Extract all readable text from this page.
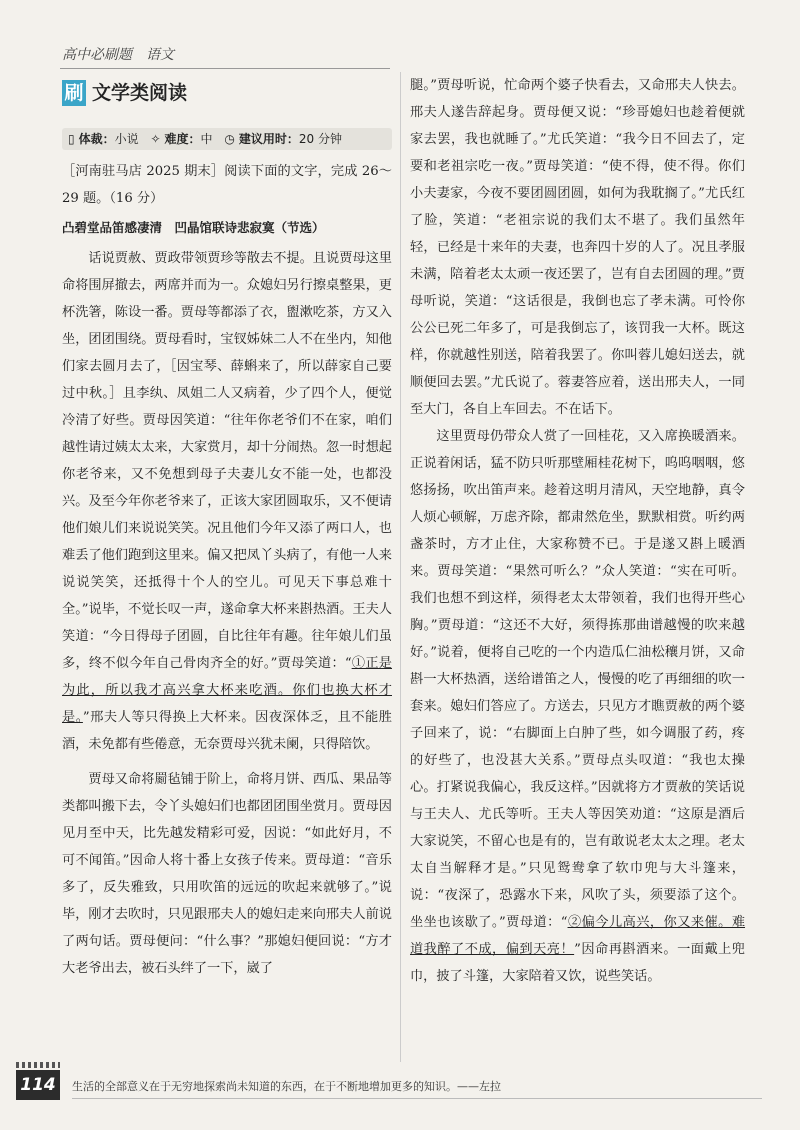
高中必刷题　语文
刷 文学类阅读
▯ 体裁：小说 ✧ 难度：中 ◷ 建议用时：20 分钟

［河南驻马店 2025 期末］阅读下面的文字，完成 26～29 题。（16 分）

凸碧堂品笛感凄清　凹晶馆联诗悲寂寞（节选）

话说贾赦、贾政带领贾珍等散去不提。且说贾母这里命将围屏撤去，两席并而为一。众媳妇另行擦桌整果，更杯洗箸，陈设一番。贾母等都添了衣，盥漱吃茶，方又入坐，团团围绕。贾母看时，宝钗姊妹二人不在坐内，知他们家去圆月去了，［因宝琴、薛蝌来了，所以薛家自己要过中秋。］且李纨、凤姐二人又病着，少了四个人，便觉冷清了好些。贾母因笑道：“往年你老爷们不在家，咱们越性请过姨太太来，大家赏月，却十分闹热。忽一时想起你老爷来，又不免想到母子夫妻儿女不能一处，也都没兴。及至今年你老爷来了，正该大家团圆取乐，又不便请他们娘儿们来说说笑笑。况且他们今年又添了两口人，也难丢了他们跑到这里来。偏又把凤丫头病了，有他一人来说说笑笑，还抵得十个人的空儿。可见天下事总难十全。”说毕，不觉长叹一声，遂命拿大杯来斟热酒。王夫人笑道：“今日得母子团圆，自比往年有趣。往年娘儿们虽多，终不似今年自己骨肉齐全的好。”贾母笑道：“①正是为此，所以我才高兴拿大杯来吃酒。你们也换大杯才是。”邢夫人等只得换上大杯来。因夜深体乏，且不能胜酒，未免都有些倦意，无奈贾母兴犹未阑，只得陪饮。

贾母又命将罽毡铺于阶上，命将月饼、西瓜、果品等类都叫搬下去，令丫头媳妇们也都团团围坐赏月。贾母因见月至中天，比先越发精彩可爱，因说：“如此好月，不可不闻笛。”因命人将十番上女孩子传来。贾母道：“音乐多了，反失雅致，只用吹笛的远远的吹起来就够了。”说毕，刚才去吹时，只见跟邢夫人的媳妇走来向邢夫人前说了两句话。贾母便问：“什么事？”那媳妇便回说：“方才大老爷出去，被石头绊了一下，崴了

腿。”贾母听说，忙命两个婆子快看去，又命邢夫人快去。邢夫人遂告辞起身。贾母便又说：“珍哥媳妇也趁着便就家去罢，我也就睡了。”尤氏笑道：“我今日不回去了，定要和老祖宗吃一夜。”贾母笑道：“使不得，使不得。你们小夫妻家，今夜不要团圆团圆，如何为我耽搁了。”尤氏红了脸，笑道：“老祖宗说的我们太不堪了。我们虽然年轻，已经是十来年的夫妻，也奔四十岁的人了。况且孝服未满，陪着老太太顽一夜还罢了，岂有自去团圆的理。”贾母听说，笑道：“这话很是，我倒也忘了孝未满。可怜你公公已死二年多了，可是我倒忘了，该罚我一大杯。既这样，你就越性别送，陪着我罢了。你叫蓉儿媳妇送去，就顺便回去罢。”尤氏说了。蓉妻答应着，送出邢夫人，一同至大门，各自上车回去。不在话下。

这里贾母仍带众人赏了一回桂花，又入席换暖酒来。正说着闲话，猛不防只听那壁厢桂花树下，呜呜咽咽，悠悠扬扬，吹出笛声来。趁着这明月清风，天空地静，真令人烦心顿解，万虑齐除，都肃然危坐，默默相赏。听约两盏茶时，方才止住，大家称赞不已。于是遂又斟上暖酒来。贾母笑道：“果然可听么？”众人笑道：“实在可听。我们也想不到这样，须得老太太带领着，我们也得开些心胸。”贾母道：“这还不大好，须得拣那曲谱越慢的吹来越好。”说着，便将自己吃的一个内造瓜仁油松穰月饼，又命斟一大杯热酒，送给谱笛之人，慢慢的吃了再细细的吹一套来。媳妇们答应了。方送去，只见方才瞧贾赦的两个婆子回来了，说：“右脚面上白肿了些，如今调服了药，疼的好些了，也没甚大关系。”贾母点头叹道：“我也太操心。打紧说我偏心，我反这样。”因就将方才贾赦的笑话说与王夫人、尤氏等听。王夫人等因笑劝道：“这原是酒后大家说笑，不留心也是有的，岂有敢说老太太之理。老太太自当解释才是。”只见鸳鸯拿了软巾兜与大斗篷来，说：“夜深了，恐露水下来，风吹了头，须要添了这个。坐坐也该歇了。”贾母道：“②偏今儿高兴，你又来催。难道我醉了不成，偏到天亮！”因命再斟酒来。一面戴上兜巾，披了斗篷，大家陪着又饮，说些笑话。

114	生活的全部意义在于无穷地探索尚未知道的东西，在于不断地增加更多的知识。——左拉
